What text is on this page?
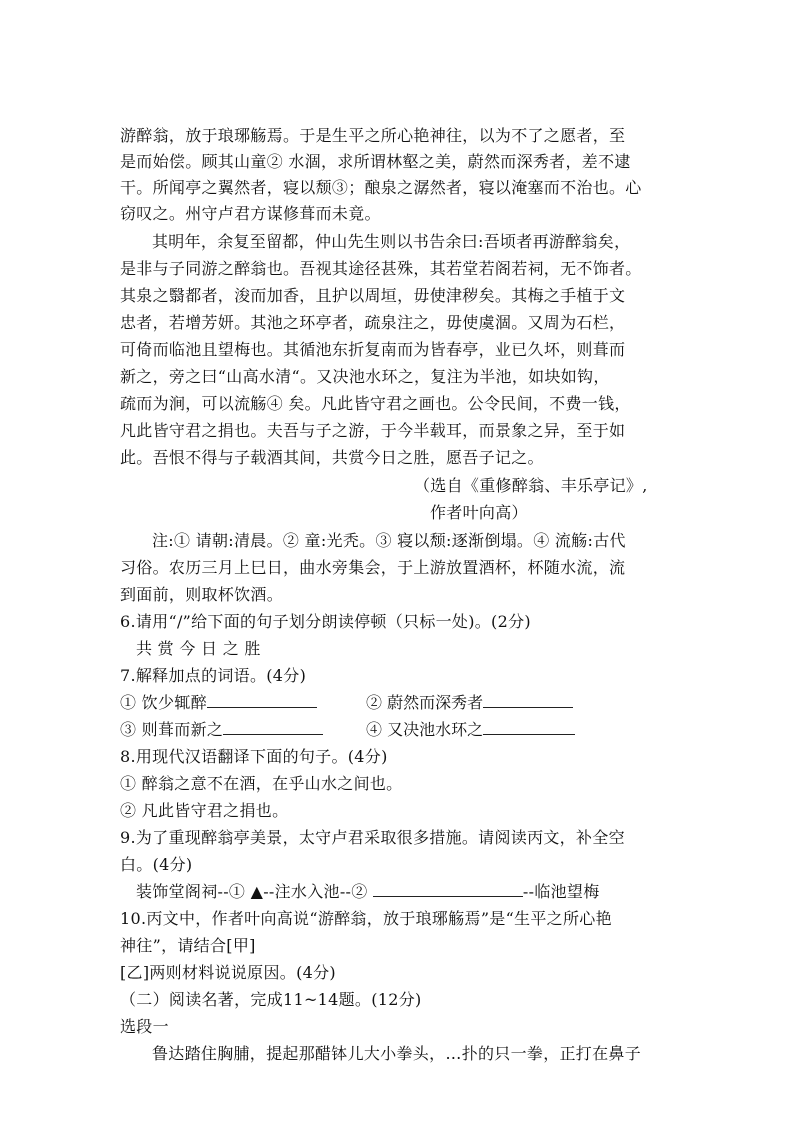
游醉翁，放于琅琊觞焉。于是生平之所心艳神往，以为不了之愿者，至
是而始偿。顾其山童② 水涸，求所谓林壑之美，蔚然而深秀者，差不逮
干。所闻亭之翼然者，寝以颓③；酿泉之潺然者，寝以淹塞而不治也。心
窃叹之。州守卢君方谋修葺而未竟。
其明年，余复至留都，仲山先生则以书告余曰:吾顷者再游醉翁矣，
是非与子同游之醉翁也。吾视其途径甚殊，其若堂若阁若祠，无不饰者。
其泉之翳都者，浚而加香，且护以周垣，毋使津秽矣。其梅之手植于文
忠者，若增芳妍。其池之环亭者，疏泉注之，毋使虞涸。又周为石栏，
可倚而临池且望梅也。其循池东折复南而为皆春亭，业已久坏，则葺而
新之，旁之曰“山高水清“。又决池水环之，复注为半池，如块如钩，
疏而为涧，可以流觞④ 矣。凡此皆守君之画也。公令民间，不费一钱，
凡此皆守君之捐也。夫吾与子之游，于今半载耳，而景象之异，至于如
此。吾恨不得与子载酒其间，共赏今日之胜，愿吾子记之。
（选自《重修醉翁、丰乐亭记》,
作者叶向高）
注:① 请朝:清晨。② 童:光秃。③ 寝以颓:逐渐倒塌。④ 流觞:古代
习俗。农历三月上巳日，曲水旁集会，于上游放置酒杯，杯随水流，流
到面前，则取杯饮酒。
6.请用“/”给下面的句子划分朗读停顿（只标一处)。(2分)
共 赏 今 日 之 胜
7.解释加点的词语。(4分)
① 饮少辄醉	② 蔚然而深秀者
③ 则葺而新之	④ 又决池水环之
8.用现代汉语翻译下面的句子。(4分)
① 醉翁之意不在酒，在乎山水之间也。
② 凡此皆守君之捐也。
9.为了重现醉翁亭美景，太守卢君采取很多措施。请阅读丙文，补全空
白。(4分)
装饰堂阁祠--① ▲--注水入池--②	--临池望梅
10.丙文中，作者叶向高说“游醉翁，放于琅琊觞焉”是“生平之所心艳
神往”，请结合[甲]
[乙]两则材料说说原因。(4分)
（二）阅读名著，完成11~14题。(12分)
选段一
鲁达踏住胸脯，提起那醋钵儿大小拳头，…扑的只一拳，正打在鼻子
